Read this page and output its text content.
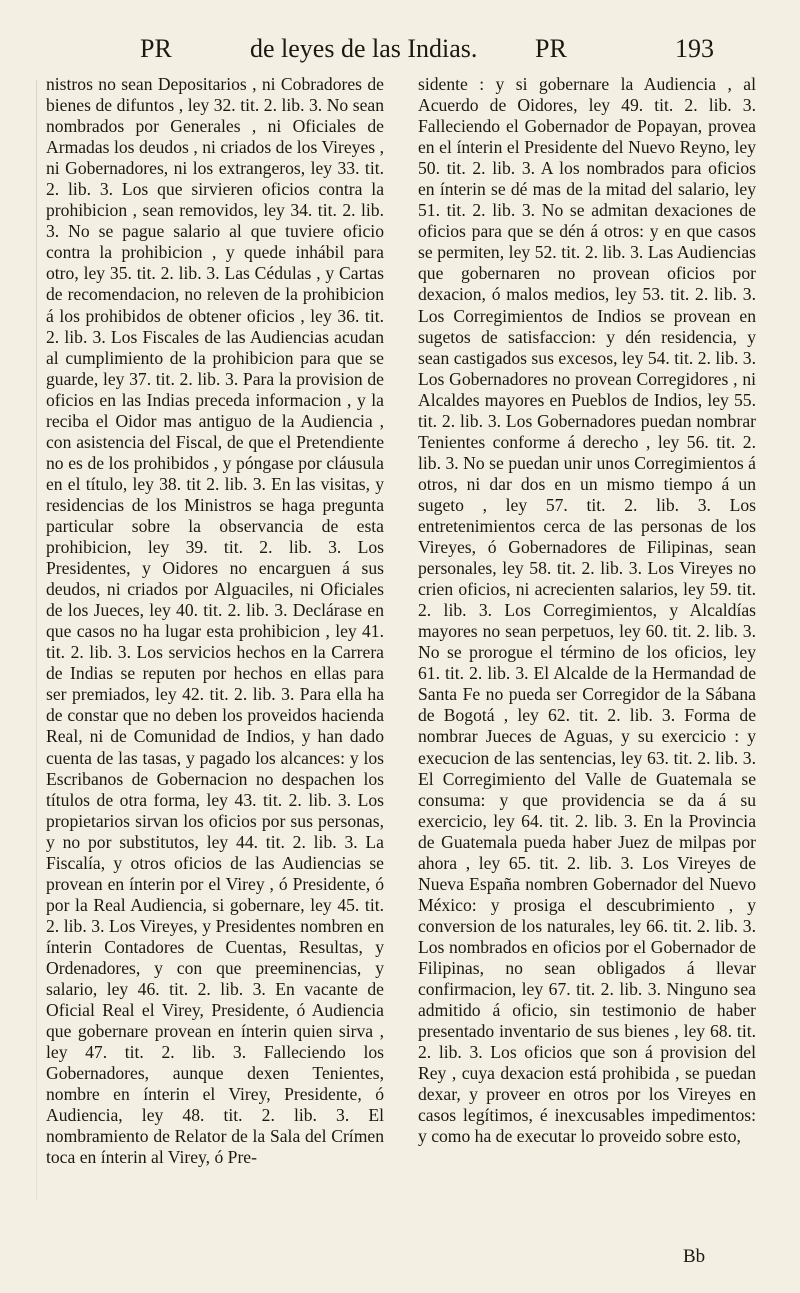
PR	de leyes de las Indias. PR	193
nistros no sean Depositarios , ni Cobradores de bienes de difuntos , ley 32. tit. 2. lib. 3. No sean nombrados por Generales , ni Oficiales de Armadas los deudos , ni criados de los Vireyes , ni Gobernadores, ni los extrangeros, ley 33. tit. 2. lib. 3. Los que sirvieren oficios contra la prohibicion , sean removidos, ley 34. tit. 2. lib. 3. No se pague salario al que tuviere oficio contra la prohibicion , y quede inhábil para otro, ley 35. tit. 2. lib. 3. Las Cédulas , y Cartas de recomendacion, no releven de la prohibicion á los prohibidos de obtener oficios , ley 36. tit. 2. lib. 3. Los Fiscales de las Audiencias acudan al cumplimiento de la prohibicion para que se guarde, ley 37. tit. 2. lib. 3. Para la provision de oficios en las Indias preceda informacion , y la reciba el Oidor mas antiguo de la Audiencia , con asistencia del Fiscal, de que el Pretendiente no es de los prohibidos , y póngase por cláusula en el título, ley 38. tit 2. lib. 3. En las visitas, y residencias de los Ministros se haga pregunta particular sobre la observancia de esta prohibicion, ley 39. tit. 2. lib. 3. Los Presidentes, y Oidores no encarguen á sus deudos, ni criados por Alguaciles, ni Oficiales de los Jueces, ley 40. tit. 2. lib. 3. Declárase en que casos no ha lugar esta prohibicion , ley 41. tit. 2. lib. 3. Los servicios hechos en la Carrera de Indias se reputen por hechos en ellas para ser premiados, ley 42. tit. 2. lib. 3. Para ella ha de constar que no deben los proveidos hacienda Real, ni de Comunidad de Indios, y han dado cuenta de las tasas, y pagado los alcances: y los Escribanos de Gobernacion no despachen los títulos de otra forma, ley 43. tit. 2. lib. 3. Los propietarios sirvan los oficios por sus personas, y no por substitutos, ley 44. tit. 2. lib. 3. La Fiscalía, y otros oficios de las Audiencias se provean en ínterin por el Virey , ó Presidente, ó por la Real Audiencia, si gobernare, ley 45. tit. 2. lib. 3. Los Vireyes, y Presidentes nombren en ínterin Contadores de Cuentas, Resultas, y Ordenadores, y con que preeminencias, y salario, ley 46. tit. 2. lib. 3. En vacante de Oficial Real el Virey, Presidente, ó Audiencia que gobernare provean en ínterin quien sirva , ley 47. tit. 2. lib. 3. Falleciendo los Gobernadores, aunque dexen Tenientes, nombre en ínterin el Virey, Presidente, ó Audiencia, ley 48. tit. 2. lib. 3. El nombramiento de Relator de la Sala del Crímen toca en ínterin al Virey, ó Pre-
sidente : y si gobernare la Audiencia , al Acuerdo de Oidores, ley 49. tit. 2. lib. 3. Falleciendo el Gobernador de Popayan, provea en el ínterin el Presidente del Nuevo Reyno, ley 50. tit. 2. lib. 3. A los nombrados para oficios en ínterin se dé mas de la mitad del salario, ley 51. tit. 2. lib. 3. No se admitan dexaciones de oficios para que se dén á otros: y en que casos se permiten, ley 52. tit. 2. lib. 3. Las Audiencias que gobernaren no provean oficios por dexacion, ó malos medios, ley 53. tit. 2. lib. 3. Los Corregimientos de Indios se provean en sugetos de satisfaccion: y dén residencia, y sean castigados sus excesos, ley 54. tit. 2. lib. 3. Los Gobernadores no provean Corregidores , ni Alcaldes mayores en Pueblos de Indios, ley 55. tit. 2. lib. 3. Los Gobernadores puedan nombrar Tenientes conforme á derecho , ley 56. tit. 2. lib. 3. No se puedan unir unos Corregimientos á otros, ni dar dos en un mismo tiempo á un sugeto , ley 57. tit. 2. lib. 3. Los entretenimientos cerca de las personas de los Vireyes, ó Gobernadores de Filipinas, sean personales, ley 58. tit. 2. lib. 3. Los Vireyes no crien oficios, ni acrecienten salarios, ley 59. tit. 2. lib. 3. Los Corregimientos, y Alcaldías mayores no sean perpetuos, ley 60. tit. 2. lib. 3. No se prorogue el término de los oficios, ley 61. tit. 2. lib. 3. El Alcalde de la Hermandad de Santa Fe no pueda ser Corregidor de la Sábana de Bogotá , ley 62. tit. 2. lib. 3. Forma de nombrar Jueces de Aguas, y su exercicio : y execucion de las sentencias, ley 63. tit. 2. lib. 3. El Corregimiento del Valle de Guatemala se consuma: y que providencia se da á su exercicio, ley 64. tit. 2. lib. 3. En la Provincia de Guatemala pueda haber Juez de milpas por ahora , ley 65. tit. 2. lib. 3. Los Vireyes de Nueva España nombren Gobernador del Nuevo México: y prosiga el descubrimiento , y conversion de los naturales, ley 66. tit. 2. lib. 3. Los nombrados en oficios por el Gobernador de Filipinas, no sean obligados á llevar confirmacion, ley 67. tit. 2. lib. 3. Ninguno sea admitido á oficio, sin testimonio de haber presentado inventario de sus bienes , ley 68. tit. 2. lib. 3. Los oficios que son á provision del Rey , cuya dexacion está prohibida , se puedan dexar, y proveer en otros por los Vireyes en casos legítimos, é inexcusables impedimentos: y como ha de executar lo proveido sobre esto,
Bb
